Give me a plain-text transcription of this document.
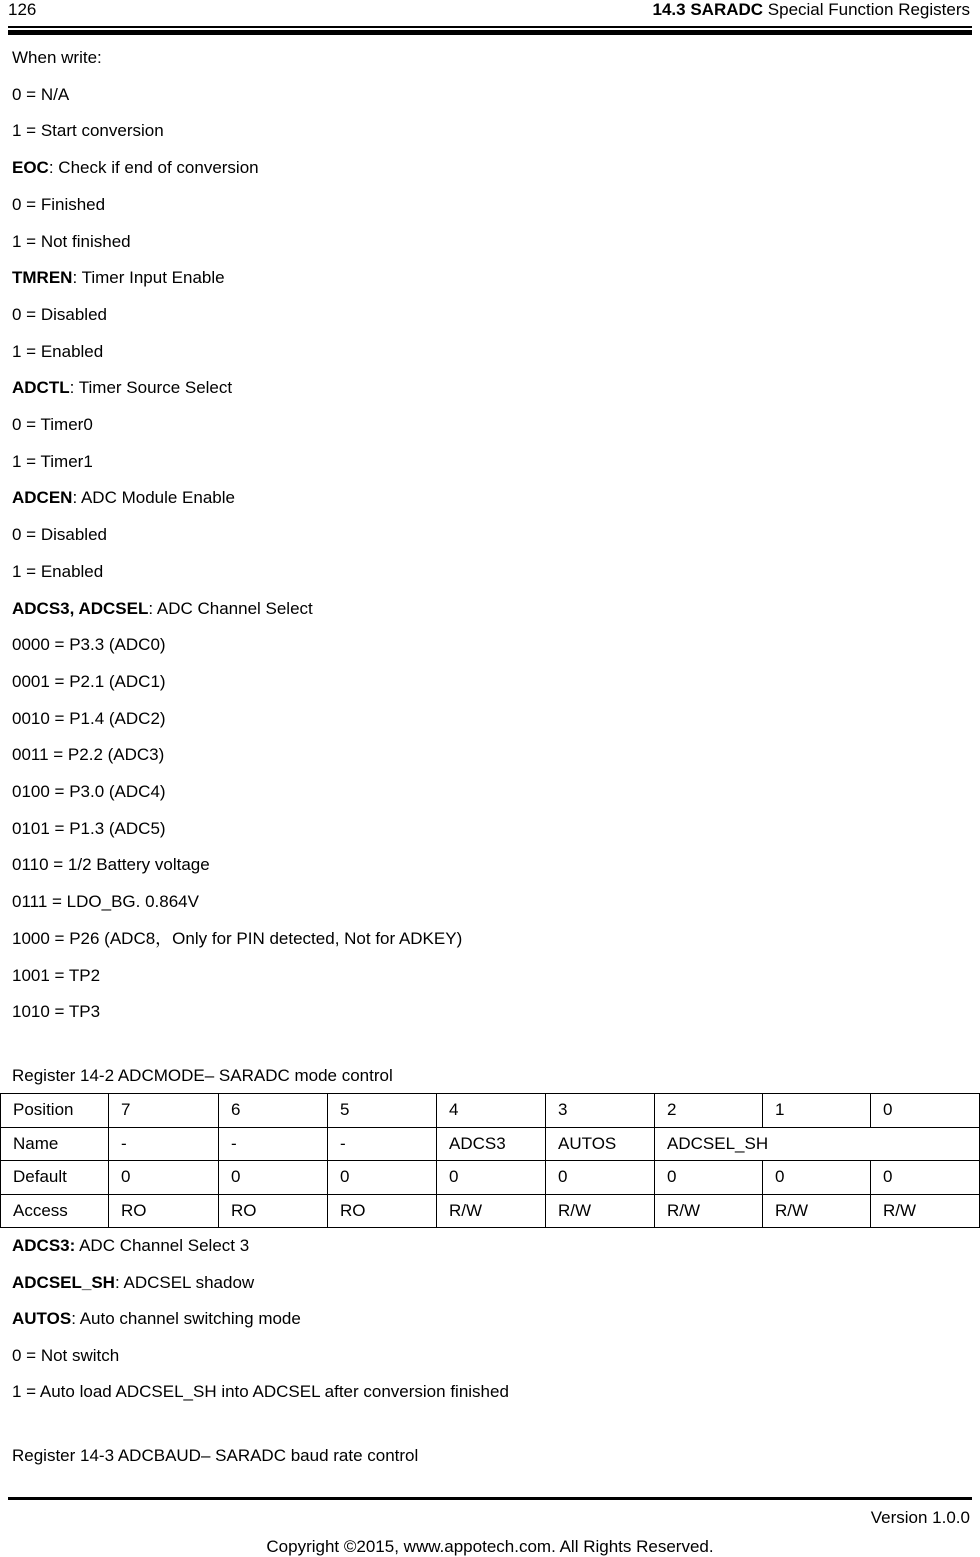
126	14.3 SARADC Special Function Registers
When write:
0 = N/A
1 = Start conversion
EOC: Check if end of conversion
0 = Finished
1 = Not finished
TMREN: Timer Input Enable
0 = Disabled
1 = Enabled
ADCTL: Timer Source Select
0 = Timer0
1 = Timer1
ADCEN: ADC Module Enable
0 = Disabled
1 = Enabled
ADCS3, ADCSEL: ADC Channel Select
0000 = P3.3 (ADC0)
0001 = P2.1 (ADC1)
0010 = P1.4 (ADC2)
0011 = P2.2 (ADC3)
0100 = P3.0 (ADC4)
0101 = P1.3 (ADC5)
0110 = 1/2 Battery voltage
0111 = LDO_BG. 0.864V
1000 = P26 (ADC8，Only for PIN detected, Not for ADKEY)
1001 = TP2
1010 = TP3
Register 14-2 ADCMODE– SARADC mode control
Position	7	6	5	4	3	2	1	0
Name	-	-	-	ADCS3	AUTOS	ADCSEL_SH		
Default	0	0	0	0	0	0	0	0
Access	RO	RO	RO	R/W	R/W	R/W	R/W	R/W
ADCS3: ADC Channel Select 3
ADCSEL_SH: ADCSEL shadow
AUTOS: Auto channel switching mode
0 = Not switch
1 = Auto load ADCSEL_SH into ADCSEL after conversion finished
Register 14-3 ADCBAUD– SARADC baud rate control
Version 1.0.0
Copyright ©2015, www.appotech.com. All Rights Reserved.
